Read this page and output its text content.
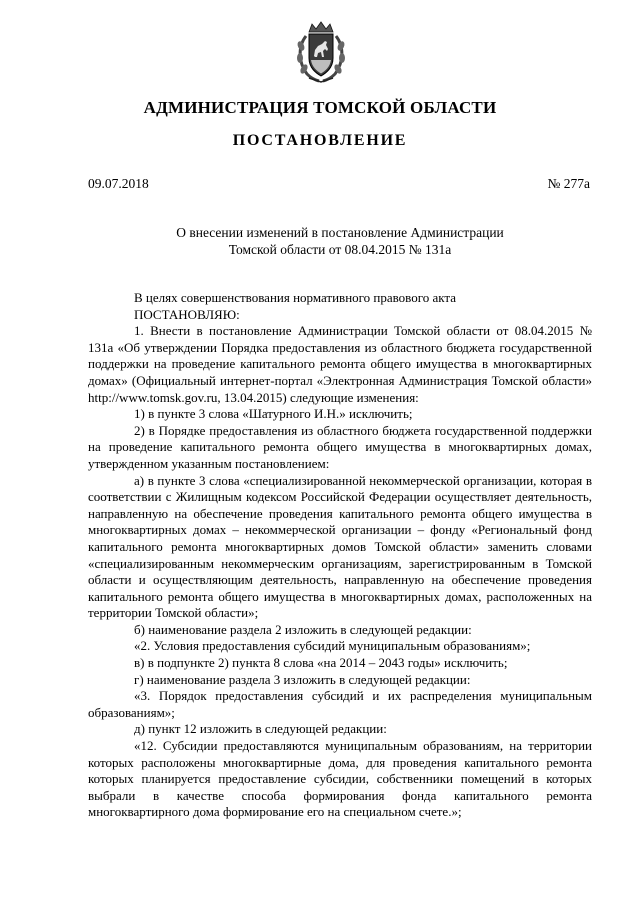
АДМИНИСТРАЦИЯ ТОМСКОЙ ОБЛАСТИ
ПОСТАНОВЛЕНИЕ
09.07.2018	№ 277а
О внесении изменений в постановление Администрации
Томской области от 08.04.2015 № 131а

В целях совершенствования нормативного правового акта

ПОСТАНОВЛЯЮ:

1. Внести в постановление Администрации Томской области от 08.04.2015 № 131а «Об утверждении Порядка предоставления из областного бюджета государственной поддержки на проведение капитального ремонта общего имущества в многоквартирных домах» (Официальный интернет-портал «Электронная Администрация Томской области» http://www.tomsk.gov.ru, 13.04.2015) следующие изменения:

1) в пункте 3 слова «Шатурного И.Н.» исключить;

2) в Порядке предоставления из областного бюджета государственной поддержки на проведение капитального ремонта общего имущества в многоквартирных домах, утвержденном указанным постановлением:

а) в пункте 3 слова «специализированной некоммерческой организации, которая в соответствии с Жилищным кодексом Российской Федерации осуществляет деятельность, направленную на обеспечение проведения капитального ремонта общего имущества в многоквартирных домах – некоммерческой организации – фонду «Региональный фонд капитального ремонта многоквартирных домов Томской области» заменить словами «специализированным некоммерческим организациям, зарегистрированным в Томской области и осуществляющим деятельность, направленную на обеспечение проведения капитального ремонта общего имущества в многоквартирных домах, расположенных на территории Томской области»;

б) наименование раздела 2 изложить в следующей редакции:

«2. Условия предоставления субсидий муниципальным образованиям»;

в) в подпункте 2) пункта 8 слова «на 2014 – 2043 годы» исключить;

г) наименование раздела 3 изложить в следующей редакции:

«3. Порядок предоставления субсидий и их распределения муниципальным образованиям»;

д) пункт 12 изложить в следующей редакции:

«12. Субсидии предоставляются муниципальным образованиям, на территории которых расположены многоквартирные дома, для проведения капитального ремонта которых планируется предоставление субсидии, собственники помещений в которых выбрали в качестве способа формирования фонда капитального ремонта многоквартирного дома формирование его на специальном счете.»;
